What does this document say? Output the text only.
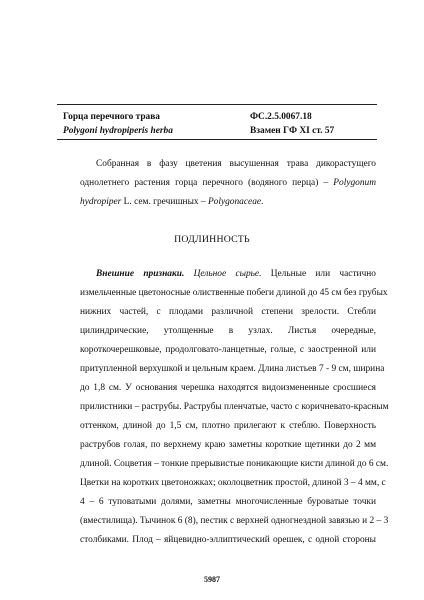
Горца перечного трава
Polygoni hydropiperis herba
ФС.2.5.0067.18
Взамен ГФ XI ст. 57
Собранная в фазу цветения высушенная трава дикорастущего
однолетнего растения горца перечного (водяного перца) – Polygonum
hydropiper L. сем. гречишных – Polygonaceae.
ПОДЛИННОСТЬ
Внешние признаки. Цельное сырье. Цельные или частично
измельченные цветоносные олиственные побеги длиной до 45 см без грубых
нижних частей, с плодами различной степени зрелости. Стебли
цилиндрические, утолщенные в узлах. Листья очередные,
короткочерешковые, продолговато-ланцетные, голые, с заостренной или
притупленной верхушкой и цельным краем. Длина листьев 7 - 9 см, ширина
до 1,8 см. У основания черешка находятся видоизмененные сросшиеся
прилистники – раструбы. Раструбы пленчатые, часто с коричневато-красным
оттенком, длиной до 1,5 см, плотно прилегают к стеблю. Поверхность
раструбов голая, по верхнему краю заметны короткие щетинки до 2 мм
длиной. Соцветия – тонкие прерывистые поникающие кисти длиной до 6 см.
Цветки на коротких цветоножках; околоцветник простой, длиной 3 – 4 мм, с
4 – 6 туповатыми долями, заметны многочисленные буроватые точки
(вместилища). Тычинок 6 (8), пестик с верхней одногнездной завязью и 2 – 3
столбиками. Плод – яйцевидно-эллиптический орешек, с одной стороны
5987
